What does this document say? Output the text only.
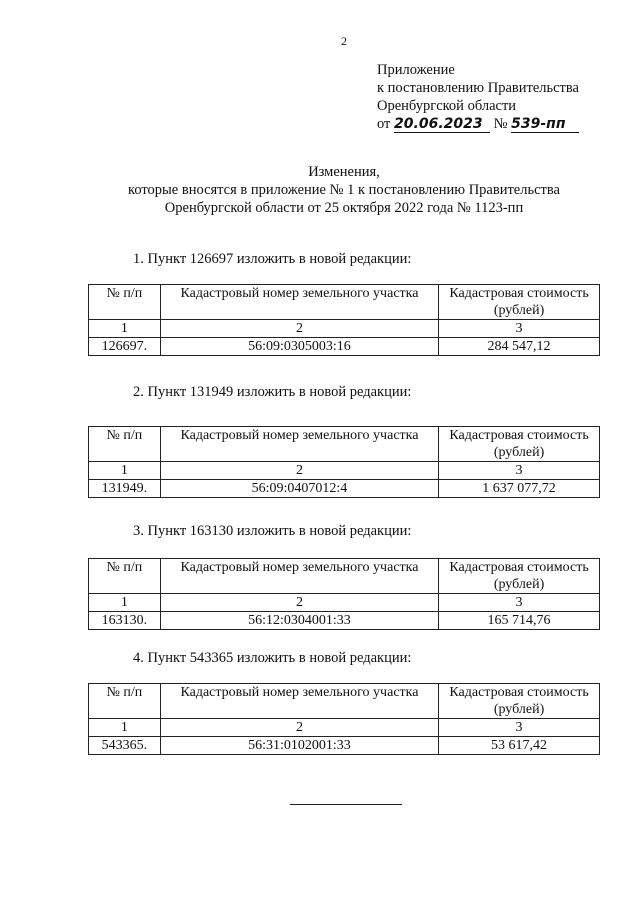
2
Приложение
к постановлению Правительства
Оренбургской области
от 20.06.2023 № 539-пп
Изменения,
которые вносятся в приложение № 1 к постановлению Правительства
Оренбургской области от 25 октября 2022 года № 1123-пп
1. Пункт 126697 изложить в новой редакции:
№ п/п	Кадастровый номер земельного участка	Кадастровая стоимость
(рублей)
1	2	3
126697.	56:09:0305003:16	284 547,12
2. Пункт 131949 изложить в новой редакции:
№ п/п	Кадастровый номер земельного участка	Кадастровая стоимость
(рублей)
1	2	3
131949.	56:09:0407012:4	1 637 077,72
3. Пункт 163130 изложить в новой редакции:
№ п/п	Кадастровый номер земельного участка	Кадастровая стоимость
(рублей)
1	2	3
163130.	56:12:0304001:33	165 714,76
4. Пункт 543365 изложить в новой редакции:
№ п/п	Кадастровый номер земельного участка	Кадастровая стоимость
(рублей)
1	2	3
543365.	56:31:0102001:33	53 617,42
